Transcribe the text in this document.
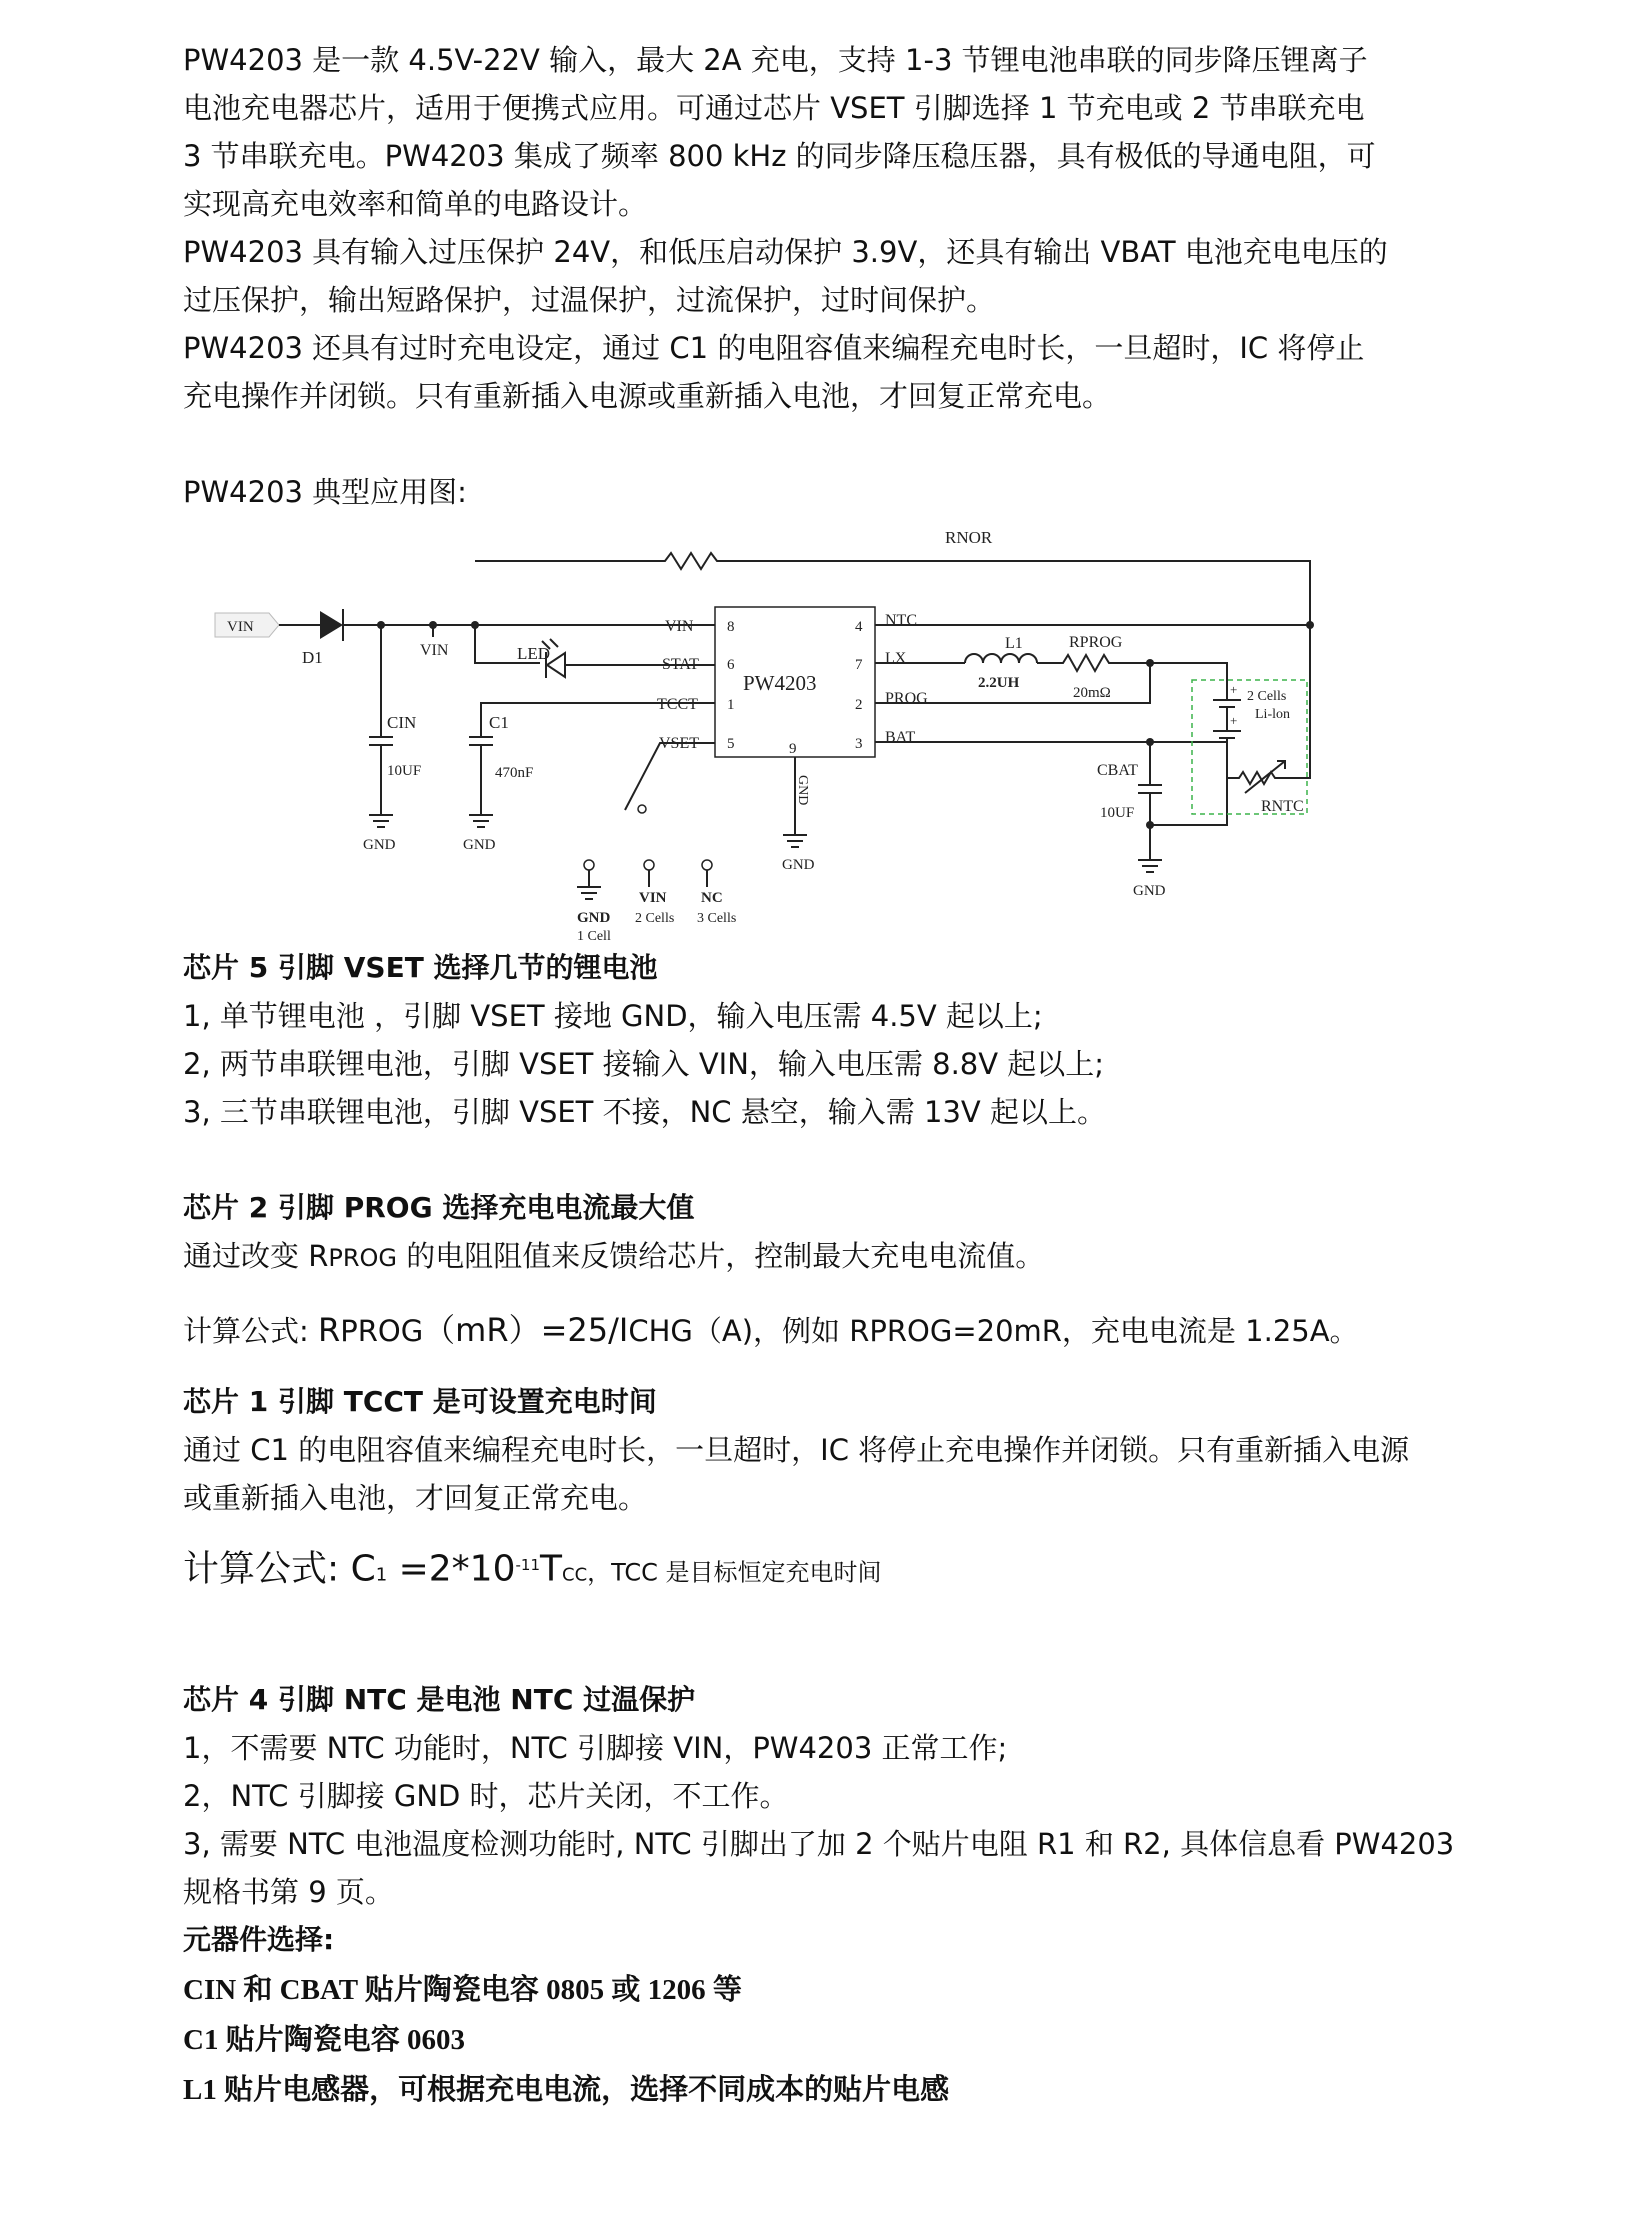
PW4203 是一款 4.5V-22V 输入，最大 2A 充电，支持 1-3 节锂电池串联的同步降压锂离子
电池充电器芯片，适用于便携式应用。可通过芯片 VSET 引脚选择 1 节充电或 2 节串联充电
3 节串联充电。PW4203 集成了频率 800 kHz 的同步降压稳压器，具有极低的导通电阻，可
实现高充电效率和简单的电路设计。
PW4203 具有输入过压保护 24V，和低压启动保护 3.9V，还具有输出 VBAT 电池充电电压的
过压保护，输出短路保护，过温保护，过流保护，过时间保护。
PW4203 还具有过时充电设定，通过 C1 的电阻容值来编程充电时长，一旦超时，IC 将停止
充电操作并闭锁。只有重新插入电源或重新插入电池，才回复正常充电。
PW4203 典型应用图:
RNOR
VIN
D1
CIN
10UF
GND
VIN	LED
C1
470nF
GND
GND
1 Cell
VIN
2 Cells
NC
3 Cells
PW4203
VIN
STAT
TCCT
VSET
8
6
1
5
4
7
2
3
9
NTC
LX
PROG
BAT
GND
GND
L1
2.2UH
RPROG
20mΩ
CBAT
10UF
GND
+
+
2 Cells
Li-lon
RNTC
芯片 5 引脚 VSET 选择几节的锂电池
1, 单节锂电池 ，引脚 VSET 接地 GND，输入电压需 4.5V 起以上;
2, 两节串联锂电池，引脚 VSET 接输入 VIN，输入电压需 8.8V 起以上;
3, 三节串联锂电池，引脚 VSET 不接，NC 悬空，输入需 13V 起以上。
芯片 2 引脚 PROG 选择充电电流最大值
通过改变 RPROG 的电阻阻值来反馈给芯片，控制最大充电电流值。
计算公式: RPROG（mR）=25/ICHG（A)，例如 RPROG=20mR，充电电流是 1.25A。
芯片 1 引脚 TCCT 是可设置充电时间
通过 C1 的电阻容值来编程充电时长，一旦超时，IC 将停止充电操作并闭锁。只有重新插入电源
或重新插入电池，才回复正常充电。
计算公式: $C1 =2*10^{-11}TCC$，TCC 是目标恒定充电时间
芯片 4 引脚 NTC 是电池 NTC 过温保护
1，不需要 NTC 功能时，NTC 引脚接 VIN，PW4203 正常工作;
2，NTC 引脚接 GND 时，芯片关闭，不工作。
3, 需要 NTC 电池温度检测功能时, NTC 引脚出了加 2 个贴片电阻 R1 和 R2, 具体信息看 PW4203
规格书第 9 页。
元器件选择:
CIN 和 CBAT 贴片陶瓷电容 0805 或 1206 等
C1 贴片陶瓷电容 0603
L1 贴片电感器，可根据充电电流，选择不同成本的贴片电感
